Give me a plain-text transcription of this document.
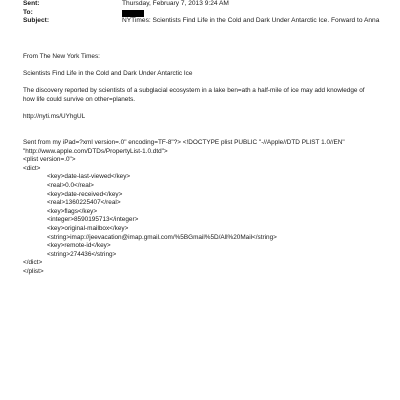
Sent:	Thursday, February 7, 2013 9:24 AM
To:
Subject:	NYTimes: Scientists Find Life in the Cold and Dark Under Antarctic Ice. Forward to Anna
From The New York Times:
Scientists Find Life in the Cold and Dark Under Antarctic Ice
The discovery reported by scientists of a subglacial ecosystem in a lake ben=ath a half-mile of ice may add knowledge of how life could survive on other=planets.
http://nyti.ms/UYhgUL
Sent from my iPad=?xml version=.0" encoding=TF-8"?> <!DOCTYPE plist PUBLIC "-//Apple//DTD PLIST 1.0//EN"
"http://www.apple.com/DTDs/PropertyList-1.0.dtd">
<plist version=.0">
<dict>
<key>date-last-viewed</key>
<real>0.0</real>
<key>date-received</key>
<real>1360225407</real>
<key>flags</key>
<integer>8590195713</integer>
<key>original-mailbox</key>
<string>imap://jeevacation@imap.gmail.com/%5BGmail%5D/All%20Mail</string>
<key>remote-id</key>
<string>274436</string>
</dict>
</plist>
